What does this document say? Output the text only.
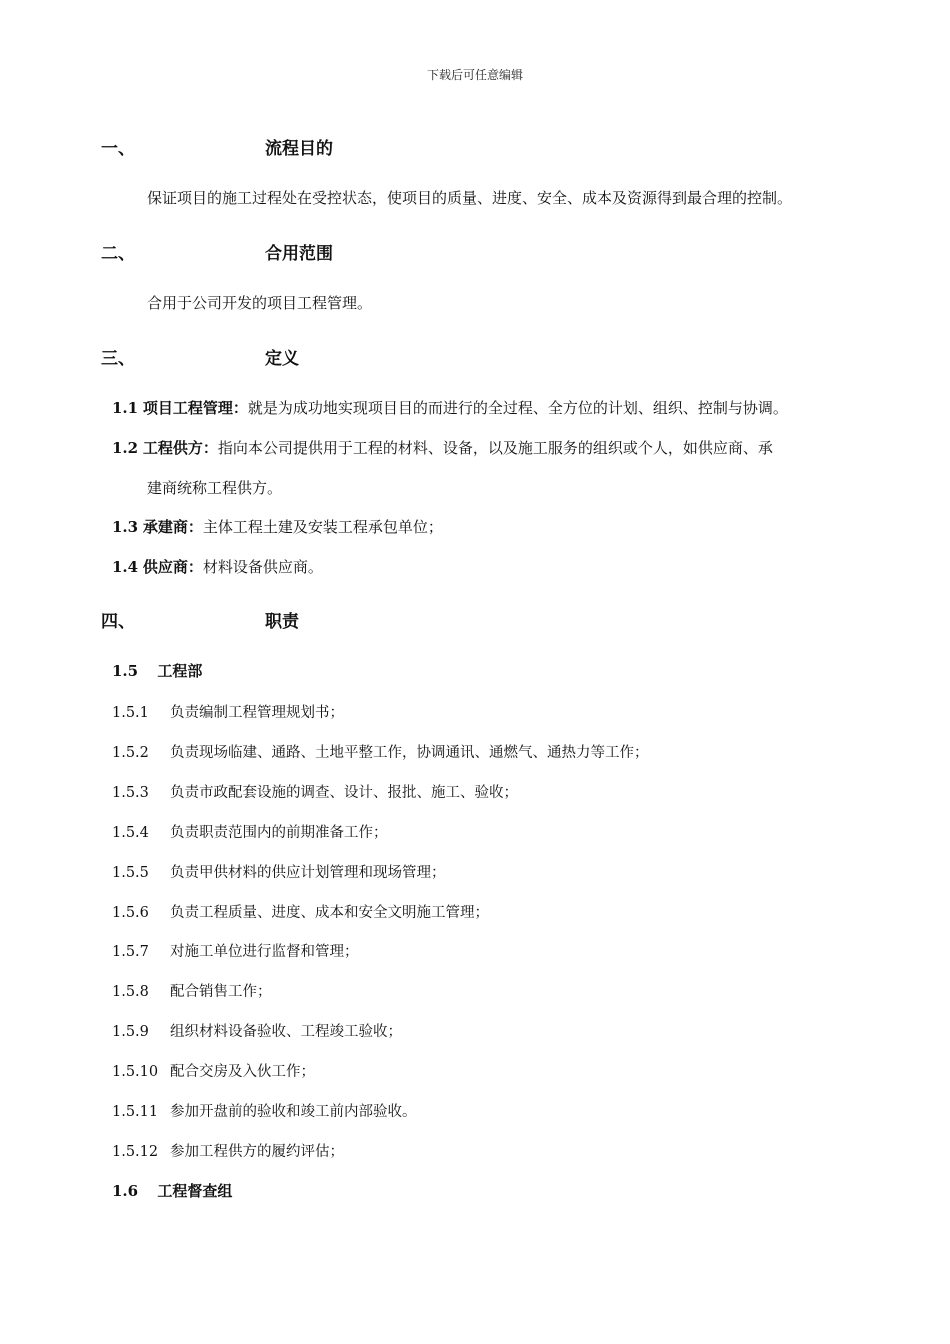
下载后可任意编辑
一、	流程目的
保证项目的施工过程处在受控状态，使项目的质量、进度、安全、成本及资源得到最合理的控制。
二、	合用范围
合用于公司开发的项目工程管理。
三、	定义
1.1 项目工程管理：就是为成功地实现项目目的而进行的全过程、全方位的计划、组织、控制与协调。
1.2 工程供方：指向本公司提供用于工程的材料、设备，以及施工服务的组织或个人，如供应商、承
建商统称工程供方。
1.3 承建商：主体工程土建及安装工程承包单位；
1.4 供应商：材料设备供应商。
四、	职责
1.5 工程部
1.5.1 负责编制工程管理规划书；
1.5.2 负责现场临建、通路、土地平整工作，协调通讯、通燃气、通热力等工作；
1.5.3 负责市政配套设施的调查、设计、报批、施工、验收；
1.5.4 负责职责范围内的前期准备工作；
1.5.5 负责甲供材料的供应计划管理和现场管理；
1.5.6 负责工程质量、进度、成本和安全文明施工管理；
1.5.7 对施工单位进行监督和管理；
1.5.8 配合销售工作；
1.5.9 组织材料设备验收、工程竣工验收；
1.5.10 配合交房及入伙工作；
1.5.11 参加开盘前的验收和竣工前内部验收。
1.5.12 参加工程供方的履约评估；
1.6 工程督查组
